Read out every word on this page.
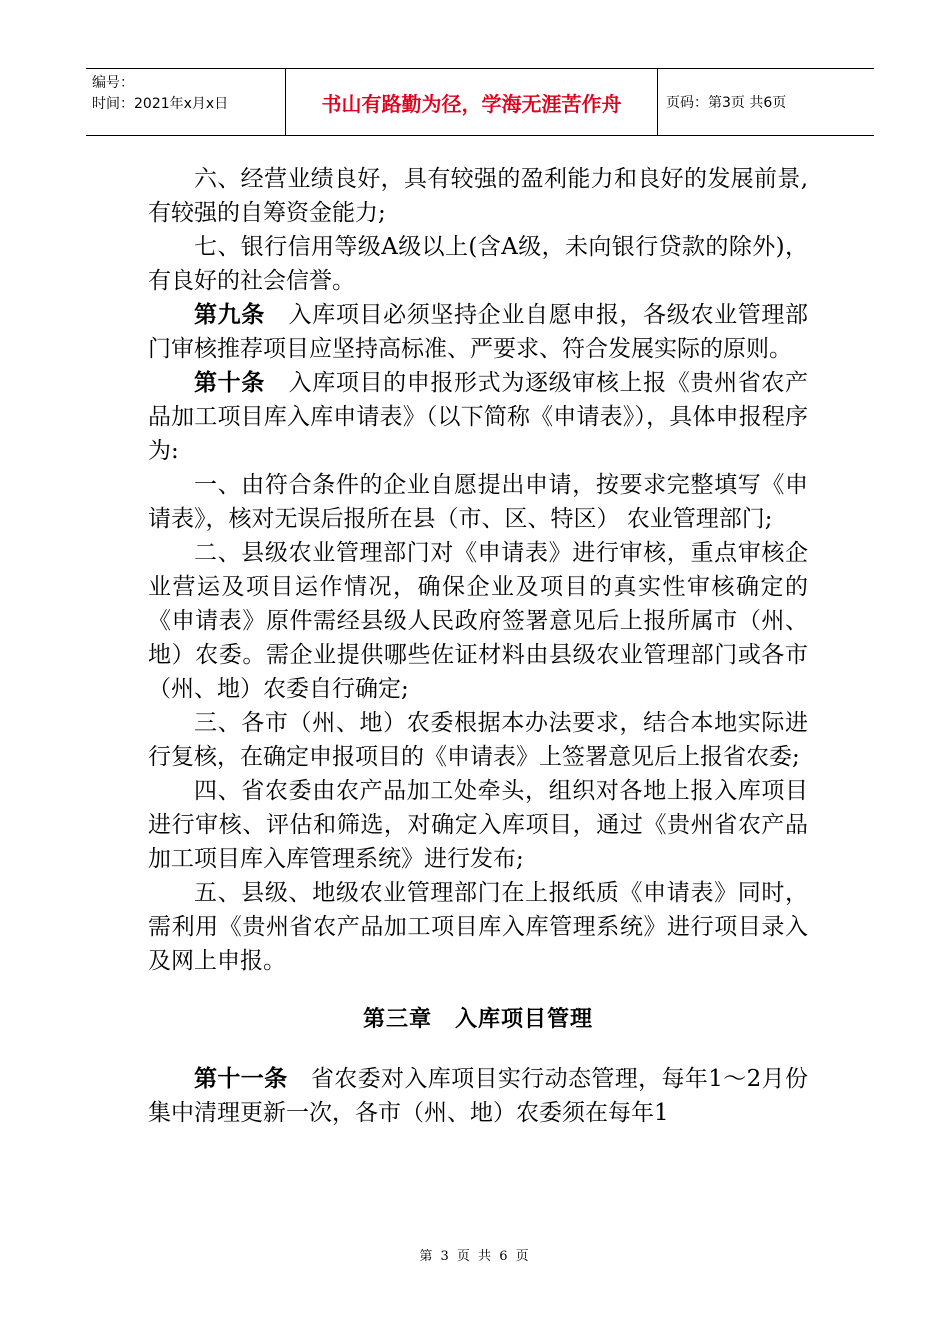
编号：
时间：2021年x月x日	书山有路勤为径，学海无涯苦作舟	页码：第3页 共6页

六、经营业绩良好，具有较强的盈利能力和良好的发展前景,有较强的自筹资金能力;

七、银行信用等级A级以上(含A级，未向银行贷款的除外)，有良好的社会信誉。

第九条　入库项目必须坚持企业自愿申报，各级农业管理部门审核推荐项目应坚持高标准、严要求、符合发展实际的原则。

第十条　入库项目的申报形式为逐级审核上报《贵州省农产品加工项目库入库申请表》（以下简称《申请表》），具体申报程序为:

一、由符合条件的企业自愿提出申请，按要求完整填写《申请表》，核对无误后报所在县（市、区、特区） 农业管理部门;

二、县级农业管理部门对《申请表》进行审核，重点审核企业营运及项目运作情况，确保企业及项目的真实性审核确定的《申请表》原件需经县级人民政府签署意见后上报所属市（州、地）农委。需企业提供哪些佐证材料由县级农业管理部门或各市（州、地）农委自行确定;

三、各市（州、地）农委根据本办法要求，结合本地实际进行复核，在确定申报项目的《申请表》上签署意见后上报省农委;

四、省农委由农产品加工处牵头，组织对各地上报入库项目进行审核、评估和筛选，对确定入库项目，通过《贵州省农产品加工项目库入库管理系统》进行发布;

五、县级、地级农业管理部门在上报纸质《申请表》同时，需利用《贵州省农产品加工项目库入库管理系统》进行项目录入及网上申报。

第三章　入库项目管理

第十一条　省农委对入库项目实行动态管理，每年1～2月份集中清理更新一次，各市（州、地）农委须在每年1

第 3 页 共 6 页
